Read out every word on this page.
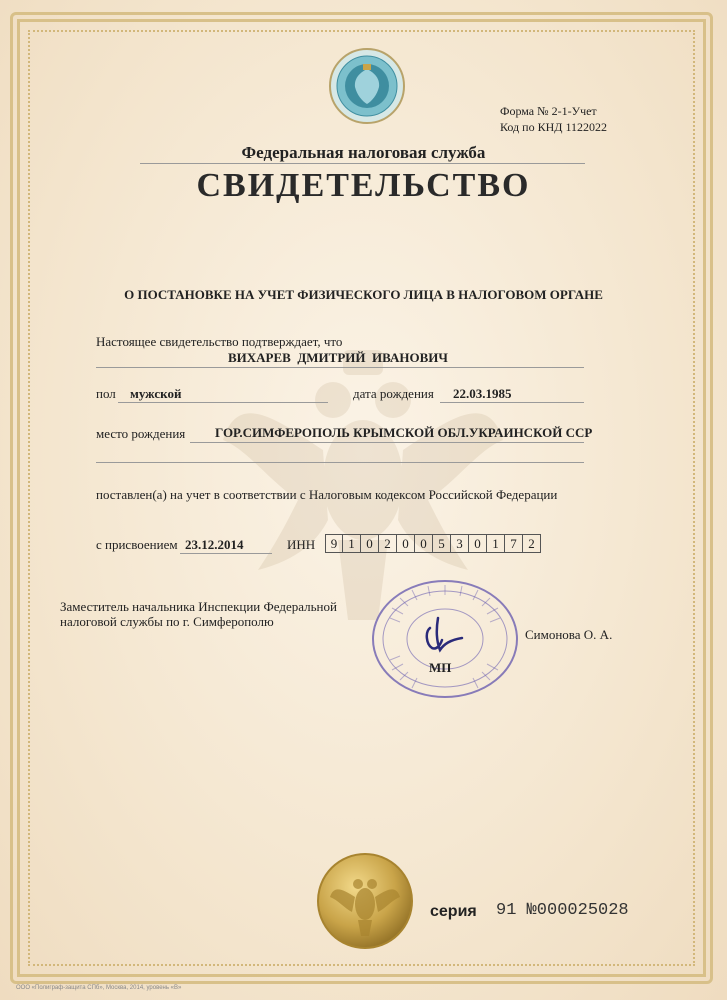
Форма № 2-1-Учет
Код по КНД 1122022
Федеральная налоговая служба
СВИДЕТЕЛЬСТВО
О ПОСТАНОВКЕ НА УЧЕТ ФИЗИЧЕСКОГО ЛИЦА В НАЛОГОВОМ ОРГАНЕ
Настоящее свидетельство подтверждает, что
ВИХАРЕВ  ДМИТРИЙ  ИВАНОВИЧ
пол мужской	дата рождения 22.03.1985
место рождения ГОР.СИМФЕРОПОЛЬ КРЫМСКОЙ ОБЛ.УКРАИНСКОЙ ССР
поставлен(а) на учет в соответствии с Налоговым кодексом Российской Федерации
с присвоением 23.12.2014	ИНН	9 1 0 2 0 0 5 3 0 1 7 2
Заместитель начальника Инспекции Федеральной
налоговой службы по г. Симферополю
Симонова О. А.
МП
серия 91 №000025028
ООО «Полиграф-защита СПб», Москва, 2014, уровень «В»
